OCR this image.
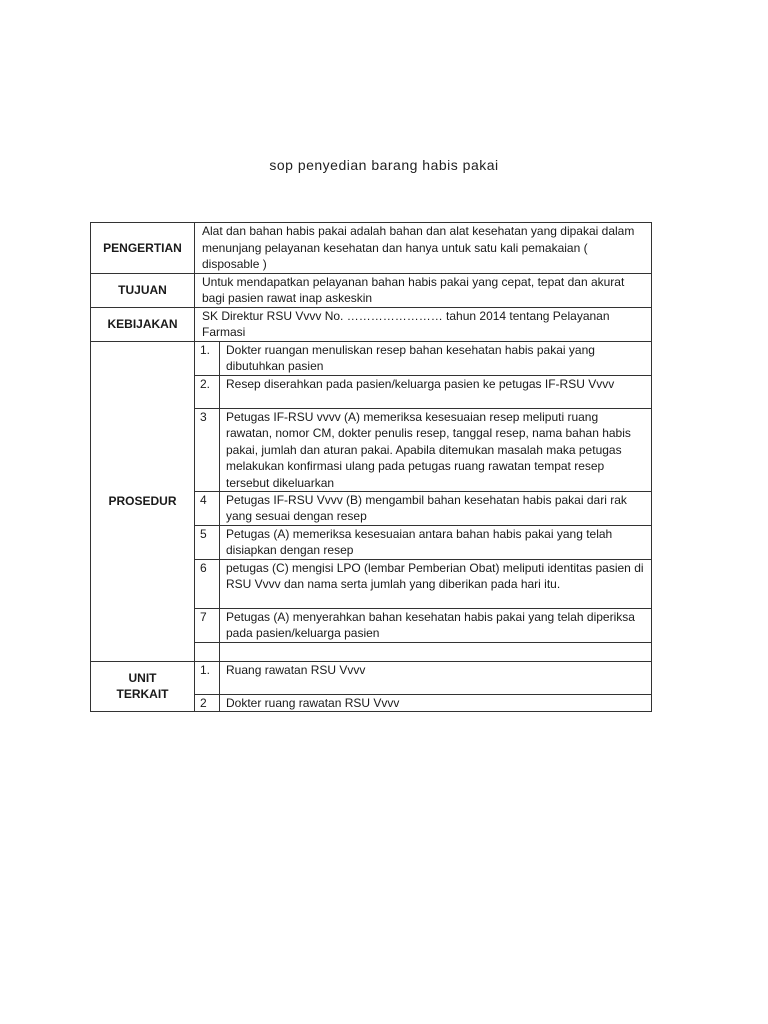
sop penyedian barang habis pakai
PENGERTIAN	Alat dan bahan habis pakai adalah bahan dan alat kesehatan yang dipakai dalam menunjang pelayanan kesehatan dan hanya untuk satu kali pemakaian ( disposable )	
TUJUAN	Untuk mendapatkan pelayanan bahan habis pakai yang cepat, tepat dan akurat bagi pasien rawat inap askeskin	
KEBIJAKAN	SK Direktur RSU Vvvv No. …………………… tahun 2014 tentang Pelayanan Farmasi	
PROSEDUR	1.	Dokter ruangan menuliskan resep bahan kesehatan habis pakai yang dibutuhkan pasien
	2.	Resep diserahkan pada pasien/keluarga pasien ke petugas IF-RSU Vvvv
	3	Petugas IF-RSU vvvv (A) memeriksa kesesuaian resep meliputi ruang rawatan, nomor CM, dokter penulis resep, tanggal resep, nama bahan habis pakai, jumlah dan aturan pakai. Apabila ditemukan masalah maka petugas melakukan konfirmasi ulang pada petugas ruang rawatan tempat resep tersebut dikeluarkan

	4	Petugas IF-RSU Vvvv (B) mengambil bahan kesehatan habis pakai dari rak yang sesuai dengan resep
	5	Petugas (A) memeriksa kesesuaian antara bahan habis pakai yang telah disiapkan dengan resep
	6	petugas (C) mengisi LPO (lembar Pemberian Obat) meliputi identitas pasien di RSU Vvvv dan nama serta jumlah yang diberikan pada hari itu.
	7	Petugas (A) menyerahkan bahan kesehatan habis pakai yang telah diperiksa pada pasien/keluarga pasien

UNIT
TERKAIT	1.	Ruang rawatan RSU Vvvv
	2	Dokter ruang rawatan RSU Vvvv
